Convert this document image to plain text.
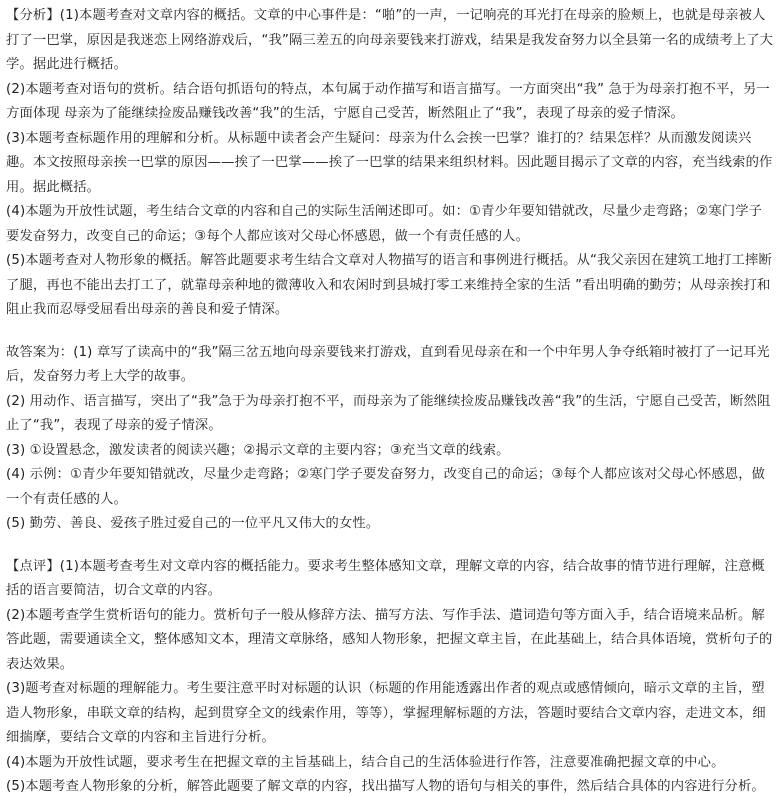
【分析】(1)本题考查对文章内容的概括。文章的中心事件是：“啪”的一声，一记响亮的耳光打在母亲的脸颊上，也就是母亲被人打了一巴掌，原因是我迷恋上网络游戏后，“我”隔三差五的向母亲要钱来打游戏，结果是我发奋努力以全县第一名的成绩考上了大学。据此进行概括。

(2)本题考查对语句的赏析。结合语句抓语句的特点，本句属于动作描写和语言描写。一方面突出“我” 急于为母亲打抱不平，另一方面体现 母亲为了能继续捡废品赚钱改善“我”的生活，宁愿自己受苦，断然阻止了“我”，表现了母亲的爱子情深。

(3)本题考查标题作用的理解和分析。从标题中读者会产生疑问：母亲为什么会挨一巴掌？谁打的？结果怎样？从而激发阅读兴趣。本文按照母亲挨一巴掌的原因——挨了一巴掌——挨了一巴掌的结果来组织材料。因此题目揭示了文章的内容，充当线索的作用。据此概括。

(4)本题为开放性试题，考生结合文章的内容和自己的实际生活阐述即可。如：①青少年要知错就改，尽量少走弯路；②寒门学子要发奋努力，改变自己的命运；③每个人都应该对父母心怀感恩，做一个有责任感的人。

(5)本题考查对人物形象的概括。解答此题要求考生结合文章对人物描写的语言和事例进行概括。从“我父亲因在建筑工地打工摔断了腿，再也不能出去打工了，就靠母亲种地的微薄收入和农闲时到县城打零工来维持全家的生活 ”看出明确的勤劳；从母亲挨打和阻止我而忍辱受屈看出母亲的善良和爱子情深。

故答案为：(1) 章写了读高中的“我”隔三岔五地向母亲要钱来打游戏，直到看见母亲在和一个中年男人争夺纸箱时被打了一记耳光后，发奋努力考上大学的故事。

(2) 用动作、语言描写，突出了“我”急于为母亲打抱不平，而母亲为了能继续捡废品赚钱改善“我”的生活，宁愿自己受苦，断然阻止了“我”，表现了母亲的爱子情深。

(3) ①设置悬念，激发读者的阅读兴趣；②揭示文章的主要内容；③充当文章的线索。

(4) 示例：①青少年要知错就改，尽量少走弯路；②寒门学子要发奋努力，改变自己的命运；③每个人都应该对父母心怀感恩，做一个有责任感的人。

(5) 勤劳、善良、爱孩子胜过爱自己的一位平凡又伟大的女性。

【点评】(1)本题考查考生对文章内容的概括能力。要求考生整体感知文章，理解文章的内容，结合故事的情节进行理解，注意概括的语言要简洁，切合文章的内容。

(2)本题考查学生赏析语句的能力。赏析句子一般从修辞方法、描写方法、写作手法、遣词造句等方面入手，结合语境来品析。解答此题，需要通读全文，整体感知文本，理清文章脉络，感知人物形象，把握文章主旨，在此基础上，结合具体语境，赏析句子的表达效果。

(3)题考查对标题的理解能力。考生要注意平时对标题的认识（标题的作用能透露出作者的观点或感情倾向，暗示文章的主旨，塑造人物形象，串联文章的结构，起到贯穿全文的线索作用，等等），掌握理解标题的方法，答题时要结合文章内容，走进文本，细细揣摩，要结合文章的内容和主旨进行分析。

(4)本题为开放性试题，要求考生在把握文章的主旨基础上，结合自己的生活体验进行作答，注意要准确把握文章的中心。

(5)本题考查人物形象的分析，解答此题要了解文章的内容，找出描写人物的语句与相关的事件，然后结合具体的内容进行分析。
